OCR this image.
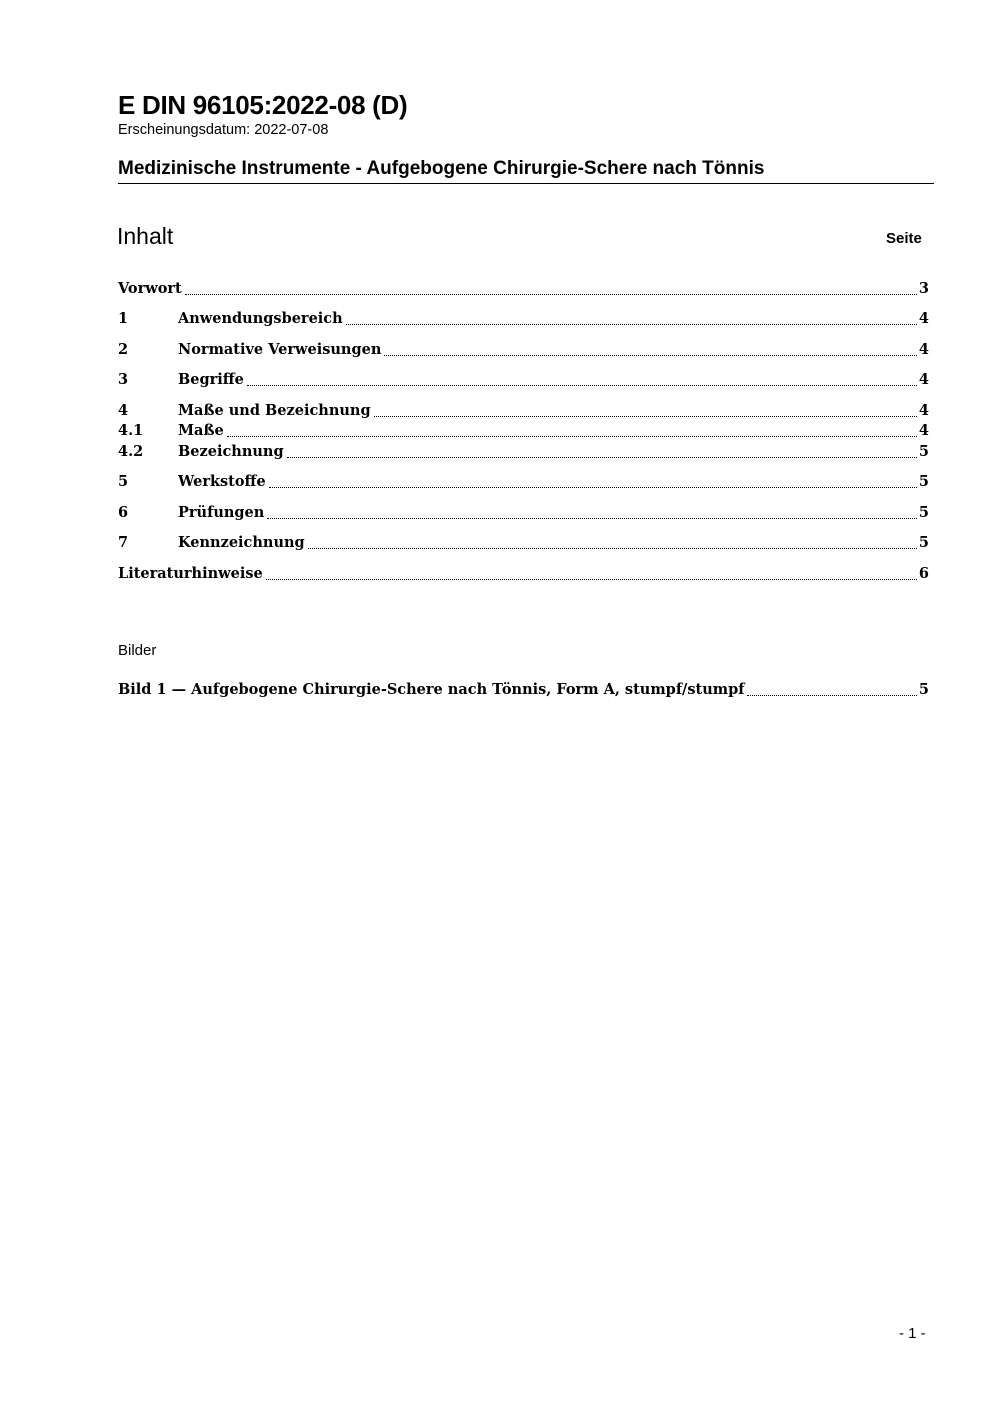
E DIN 96105:2022-08 (D)
Erscheinungsdatum: 2022-07-08
Medizinische Instrumente - Aufgebogene Chirurgie-Schere nach Tönnis
Inhalt	Seite
Vorwort	3
1	Anwendungsbereich	4
2	Normative Verweisungen	4
3	Begriffe	4
4	Maße und Bezeichnung	4
4.1	Maße	4
4.2	Bezeichnung	5
5	Werkstoffe	5
6	Prüfungen	5
7	Kennzeichnung	5
Literaturhinweise	6
Bilder
Bild 1 — Aufgebogene Chirurgie-Schere nach Tönnis, Form A, stumpf/stumpf	5
- 1 -
